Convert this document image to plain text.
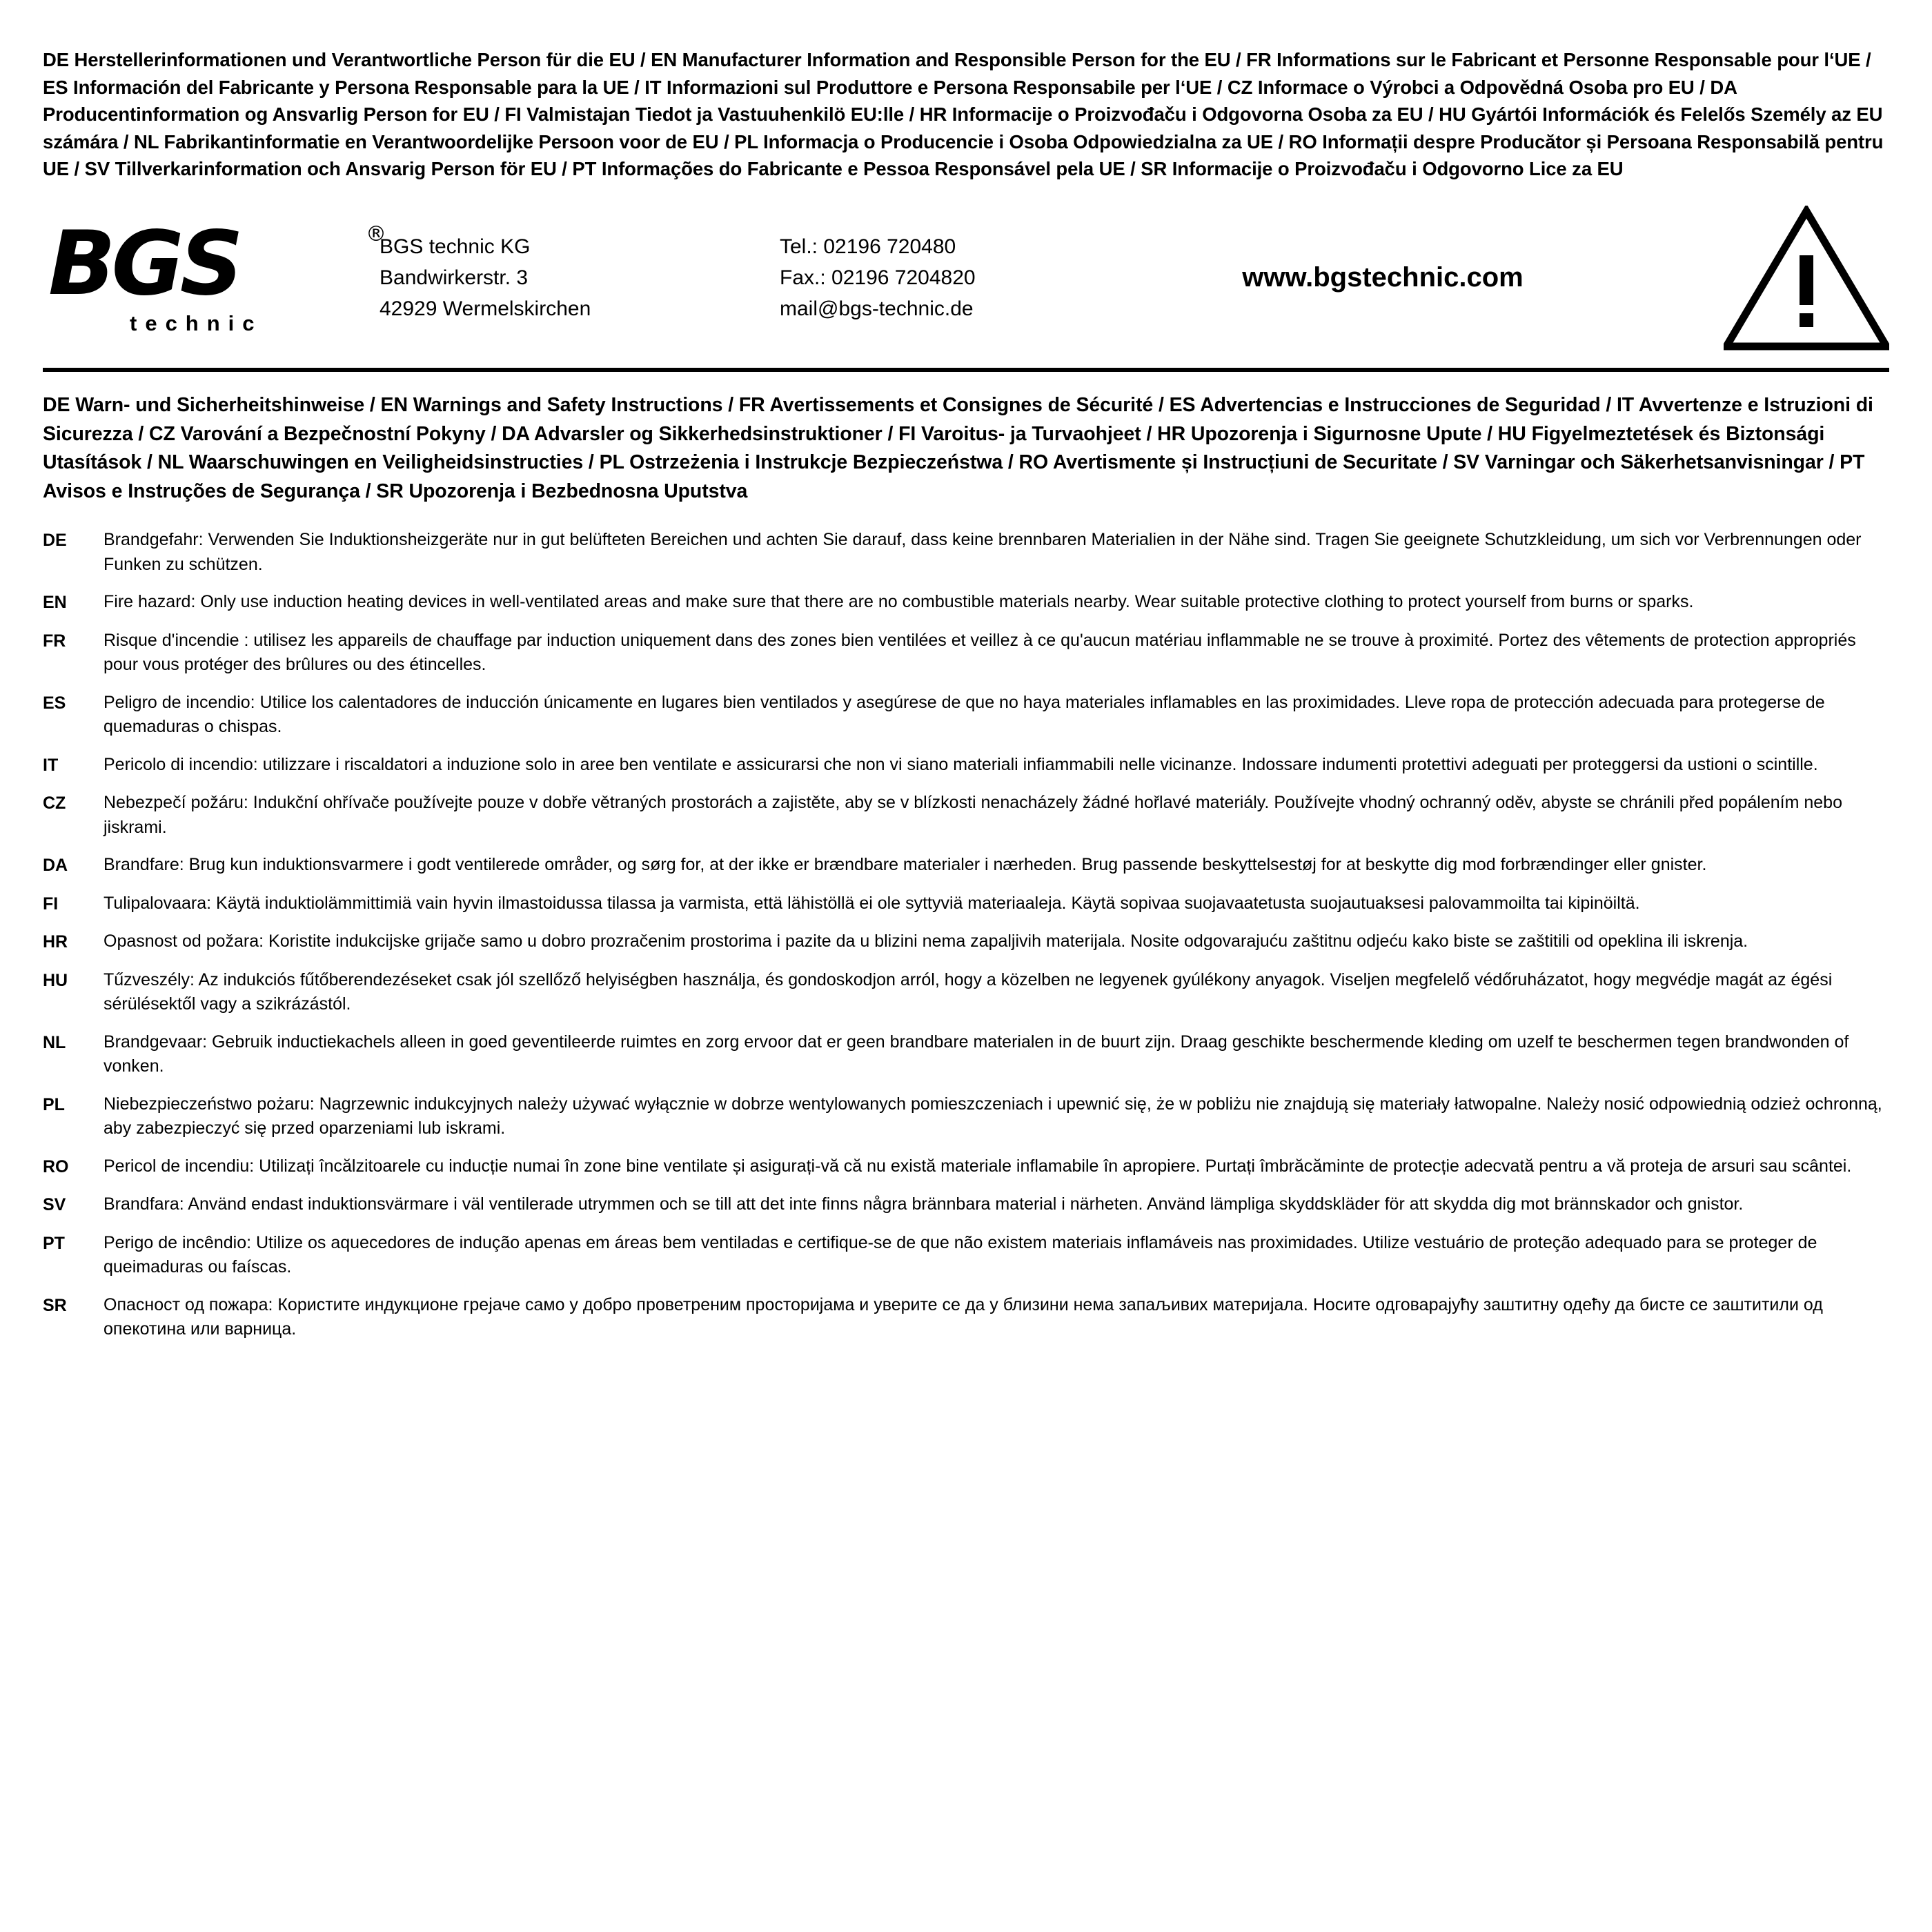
DE Herstellerinformationen und Verantwortliche Person für die EU / EN Manufacturer Information and Responsible Person for the EU / FR Informations sur le Fabricant et Personne Responsable pour l‘UE / ES Información del Fabricante y Persona Responsable para la UE / IT Informazioni sul Produttore e Persona Responsabile per l‘UE / CZ Informace o Výrobci a Odpovědná Osoba pro EU / DA Producentinformation og Ansvarlig Person for EU / FI Valmistajan Tiedot ja Vastuuhenkilö EU:lle / HR Informacije o Proizvođaču i Odgovorna Osoba za EU / HU Gyártói Információk és Felelős Személy az EU számára / NL Fabrikantinformatie en Verantwoordelijke Persoon voor de EU / PL Informacja o Producencie i Osoba Odpowiedzialna za UE / RO Informații despre Producător și Persoana Responsabilă pentru UE / SV Tillverkarinformation och Ansvarig Person för EU / PT Informações do Fabricante e Pessoa Responsável pela UE / SR Informacije o Proizvođaču i Odgovorno Lice za EU
BGS	®
technic
BGS technic KG
Bandwirkerstr. 3
42929 Wermelskirchen
Tel.: 02196 720480
Fax.: 02196 7204820
mail@bgs-technic.de
www.bgstechnic.com
DE Warn- und Sicherheitshinweise / EN Warnings and Safety Instructions / FR Avertissements et Consignes de Sécurité / ES Advertencias e Instrucciones de Seguridad / IT Avvertenze e Istruzioni di Sicurezza / CZ Varování a Bezpečnostní Pokyny / DA Advarsler og Sikkerhedsinstruktioner / FI Varoitus- ja Turvaohjeet / HR Upozorenja i Sigurnosne Upute / HU Figyelmeztetések és Biztonsági Utasítások / NL Waarschuwingen en Veiligheidsinstructies / PL Ostrzeżenia i Instrukcje Bezpieczeństwa / RO Avertismente și Instrucțiuni de Securitate / SV Varningar och Säkerhetsanvisningar / PT Avisos e Instruções de Segurança / SR Upozorenja i Bezbednosna Uputstva
DE	Brandgefahr: Verwenden Sie Induktionsheizgeräte nur in gut belüfteten Bereichen und achten Sie darauf, dass keine brennbaren Materialien in der Nähe sind. Tragen Sie geeignete Schutzkleidung, um sich vor Verbrennungen oder Funken zu schützen.
EN	Fire hazard: Only use induction heating devices in well-ventilated areas and make sure that there are no combustible materials nearby. Wear suitable protective clothing to protect yourself from burns or sparks.
FR	Risque d'incendie : utilisez les appareils de chauffage par induction uniquement dans des zones bien ventilées et veillez à ce qu'aucun matériau inflammable ne se trouve à proximité. Portez des vêtements de protection appropriés pour vous protéger des brûlures ou des étincelles.
ES	Peligro de incendio: Utilice los calentadores de inducción únicamente en lugares bien ventilados y asegúrese de que no haya materiales inflamables en las proximidades. Lleve ropa de protección adecuada para protegerse de quemaduras o chispas.
IT	Pericolo di incendio: utilizzare i riscaldatori a induzione solo in aree ben ventilate e assicurarsi che non vi siano materiali infiammabili nelle vicinanze. Indossare indumenti protettivi adeguati per proteggersi da ustioni o scintille.
CZ	Nebezpečí požáru: Indukční ohřívače používejte pouze v dobře větraných prostorách a zajistěte, aby se v blízkosti nenacházely žádné hořlavé materiály. Používejte vhodný ochranný oděv, abyste se chránili před popálením nebo jiskrami.
DA	Brandfare: Brug kun induktionsvarmere i godt ventilerede områder, og sørg for, at der ikke er brændbare materialer i nærheden. Brug passende beskyttelsestøj for at beskytte dig mod forbrændinger eller gnister.
FI	Tulipalovaara: Käytä induktiolämmittimiä vain hyvin ilmastoidussa tilassa ja varmista, että lähistöllä ei ole syttyviä materiaaleja. Käytä sopivaa suojavaatetusta suojautuaksesi palovammoilta tai kipinöiltä.
HR	Opasnost od požara: Koristite indukcijske grijače samo u dobro prozračenim prostorima i pazite da u blizini nema zapaljivih materijala. Nosite odgovarajuću zaštitnu odjeću kako biste se zaštitili od opeklina ili iskrenja.
HU	Tűzveszély: Az indukciós fűtőberendezéseket csak jól szellőző helyiségben használja, és gondoskodjon arról, hogy a közelben ne legyenek gyúlékony anyagok. Viseljen megfelelő védőruházatot, hogy megvédje magát az égési sérülésektől vagy a szikrázástól.
NL	Brandgevaar: Gebruik inductiekachels alleen in goed geventileerde ruimtes en zorg ervoor dat er geen brandbare materialen in de buurt zijn. Draag geschikte beschermende kleding om uzelf te beschermen tegen brandwonden of vonken.
PL	Niebezpieczeństwo pożaru: Nagrzewnic indukcyjnych należy używać wyłącznie w dobrze wentylowanych pomieszczeniach i upewnić się, że w pobliżu nie znajdują się materiały łatwopalne. Należy nosić odpowiednią odzież ochronną, aby zabezpieczyć się przed oparzeniami lub iskrami.
RO	Pericol de incendiu: Utilizați încălzitoarele cu inducție numai în zone bine ventilate și asigurați-vă că nu există materiale inflamabile în apropiere. Purtați îmbrăcăminte de protecție adecvată pentru a vă proteja de arsuri sau scântei.
SV	Brandfara: Använd endast induktionsvärmare i väl ventilerade utrymmen och se till att det inte finns några brännbara material i närheten. Använd lämpliga skyddskläder för att skydda dig mot brännskador och gnistor.
PT	Perigo de incêndio: Utilize os aquecedores de indução apenas em áreas bem ventiladas e certifique-se de que não existem materiais inflamáveis nas proximidades. Utilize vestuário de proteção adequado para se proteger de queimaduras ou faíscas.
SR	Опасност од пожара: Користите индукционе грејаче само у добро проветреним просторијама и уверите се да у близини нема запаљивих материјала. Носите одговарајућу заштитну одећу да бисте се заштитили од опекотина или варница.
